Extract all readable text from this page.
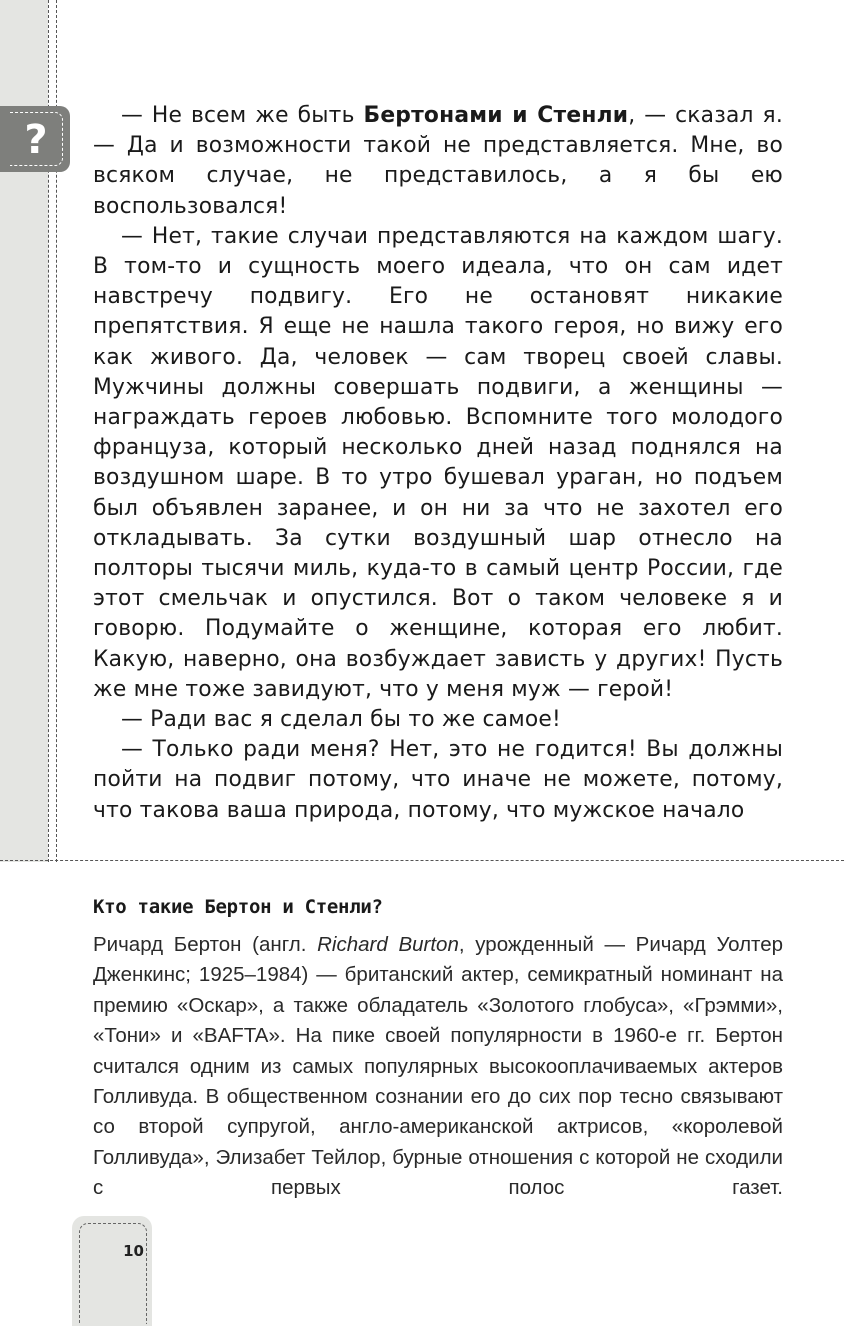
?

— Не всем же быть Бертонами и Стенли, — сказал я. — Да и возможности такой не представляется. Мне, во всяком случае, не представилось, а я бы ею воспользовался!

— Нет, такие случаи представляются на каждом шагу. В том-то и сущность моего идеала, что он сам идет навстречу подвигу. Его не остановят никакие препятствия. Я еще не нашла такого героя, но вижу его как живого. Да, человек — сам творец своей славы. Мужчины должны совершать подвиги, а женщины — награждать героев любовью. Вспомните того молодого француза, который несколько дней назад поднялся на воздушном шаре. В то утро бушевал ураган, но подъем был объявлен заранее, и он ни за что не захотел его откладывать. За сутки воздушный шар отнесло на полторы тысячи миль, куда-то в самый центр России, где этот смельчак и опустился. Вот о таком человеке я и говорю. Подумайте о женщине, которая его любит. Какую, наверно, она возбуждает зависть у других! Пусть же мне тоже завидуют, что у меня муж — герой!

— Ради вас я сделал бы то же самое!

— Только ради меня? Нет, это не годится! Вы должны пойти на подвиг потому, что иначе не можете, потому, что такова ваша природа, потому, что мужское начало

Кто такие Бертон и Стенли?
Ричард Бертон (англ. Richard Burton, урожденный — Ричард Уолтер Дженкинс; 1925–1984) — британский актер, семикратный номинант на премию «Оскар», а также обладатель «Золотого глобуса», «Грэмми», «Тони» и «BAFTA». На пике своей популярности в 1960-е гг. Бертон считался одним из самых популярных высокооплачиваемых актеров Голливуда. В общественном сознании его до сих пор тесно связывают со второй супругой, англо-американской актрисов, «королевой Голливуда», Элизабет Тейлор, бурные отношения с которой не сходили с первых полос газет.
10
